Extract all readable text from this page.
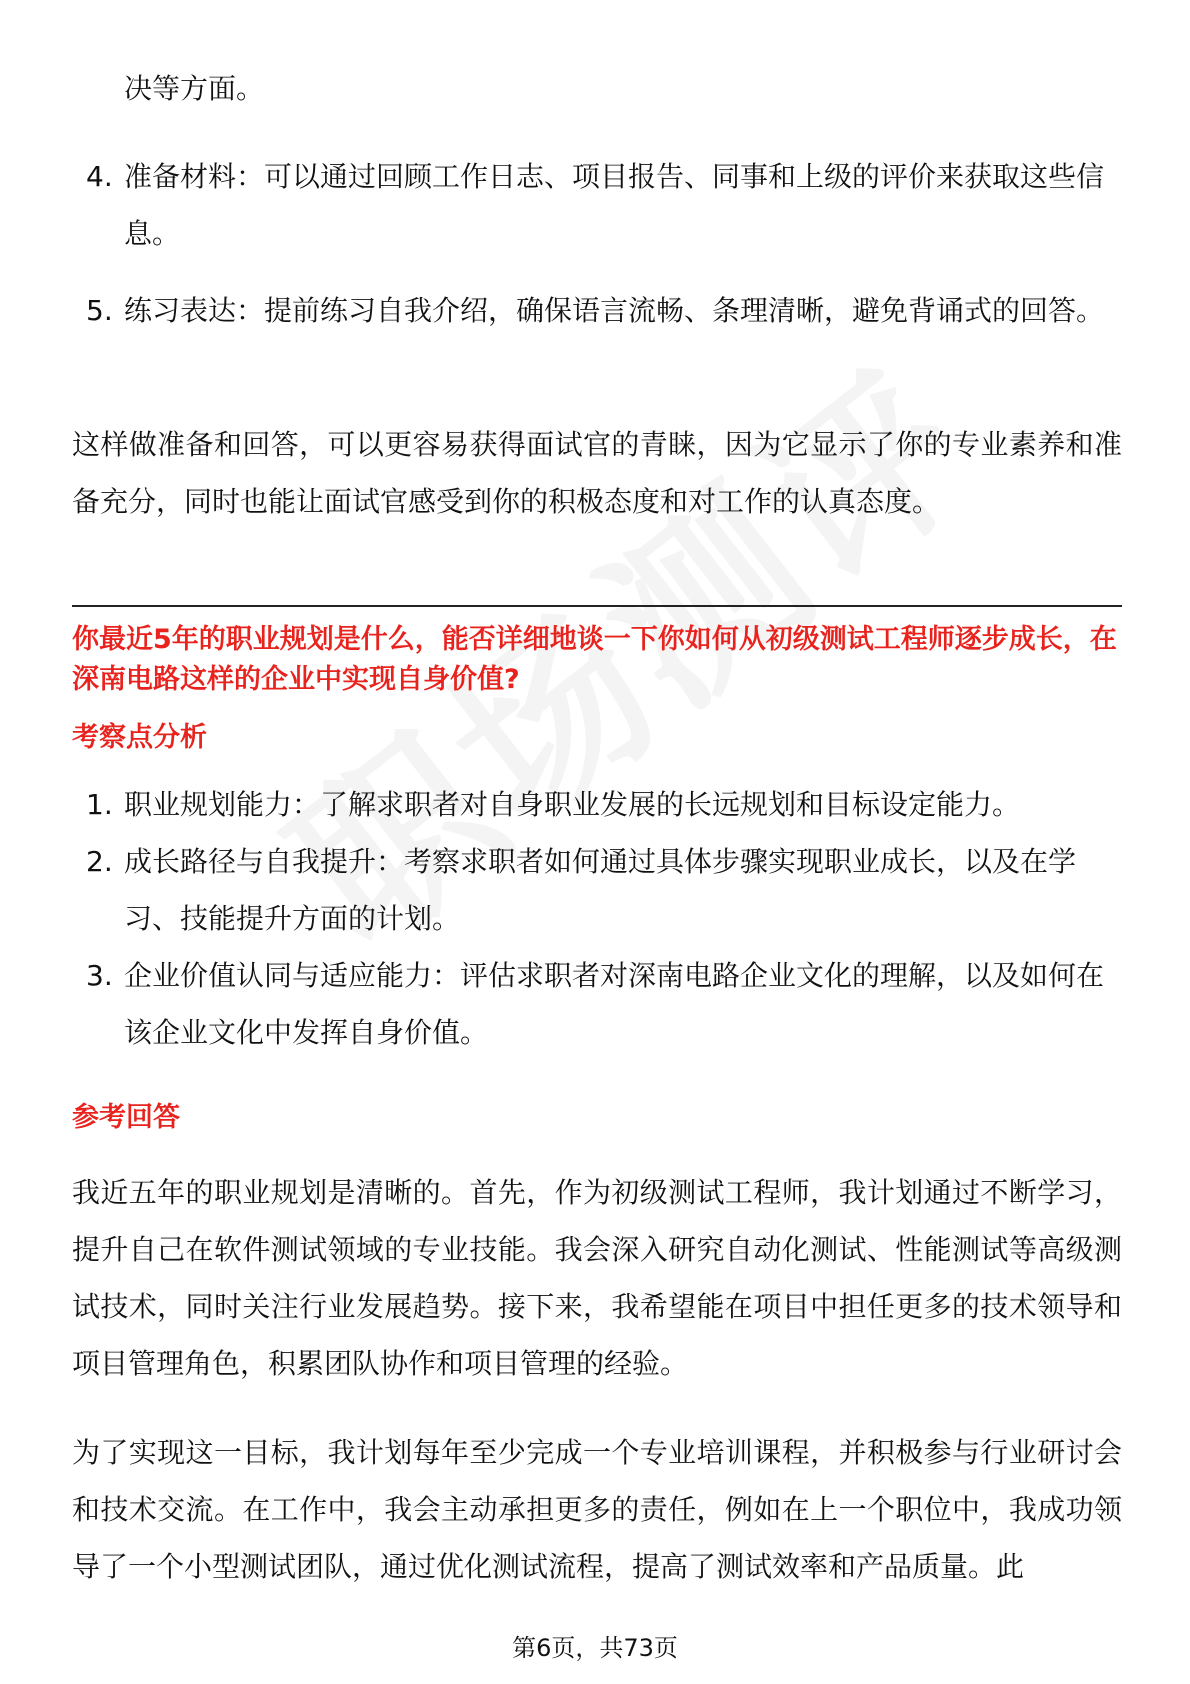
决等方面。
4. 准备材料：可以通过回顾工作日志、项目报告、同事和上级的评价来获取这些信息。
5. 练习表达：提前练习自我介绍，确保语言流畅、条理清晰，避免背诵式的回答。
这样做准备和回答，可以更容易获得面试官的青睐，因为它显示了你的专业素养和准备充分，同时也能让面试官感受到你的积极态度和对工作的认真态度。
你最近5年的职业规划是什么，能否详细地谈一下你如何从初级测试工程师逐步成长，在深南电路这样的企业中实现自身价值?
考察点分析
1. 职业规划能力：了解求职者对自身职业发展的长远规划和目标设定能力。
2. 成长路径与自我提升：考察求职者如何通过具体步骤实现职业成长，以及在学习、技能提升方面的计划。
3. 企业价值认同与适应能力：评估求职者对深南电路企业文化的理解，以及如何在该企业文化中发挥自身价值。
参考回答
我近五年的职业规划是清晰的。首先，作为初级测试工程师，我计划通过不断学习，提升自己在软件测试领域的专业技能。我会深入研究自动化测试、性能测试等高级测试技术，同时关注行业发展趋势。接下来，我希望能在项目中担任更多的技术领导和项目管理角色，积累团队协作和项目管理的经验。
为了实现这一目标，我计划每年至少完成一个专业培训课程，并积极参与行业研讨会和技术交流。在工作中，我会主动承担更多的责任，例如在上一个职位中，我成功领导了一个小型测试团队，通过优化测试流程，提高了测试效率和产品质量。此
第6页，共73页
